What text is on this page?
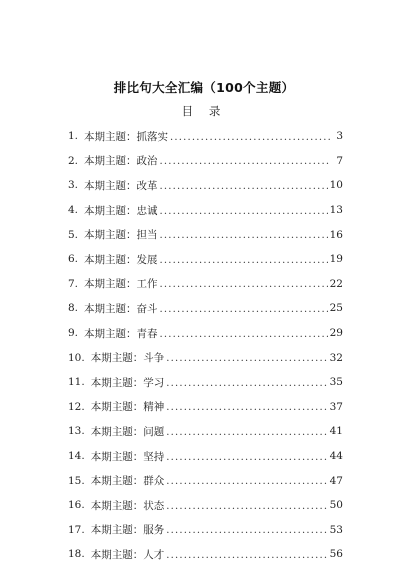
排比句大全汇编（100个主题）
目 录
1. 本期主题：抓落实 .....	3
2. 本期主题：政治 .....	7
3. 本期主题：改革 .....	10
4. 本期主题：忠诚 .....	13
5. 本期主题：担当 .....	16
6. 本期主题：发展 .....	19
7. 本期主题：工作 .....	22
8. 本期主题：奋斗 .....	25
9. 本期主题：青春 .....	29
10. 本期主题：斗争 .....	32
11. 本期主题：学习 .....	35
12. 本期主题：精神 .....	37
13. 本期主题：问题 .....	41
14. 本期主题：坚持 .....	44
15. 本期主题：群众 .....	47
16. 本期主题：状态 .....	50
17. 本期主题：服务 .....	53
18. 本期主题：人才 .....	56
